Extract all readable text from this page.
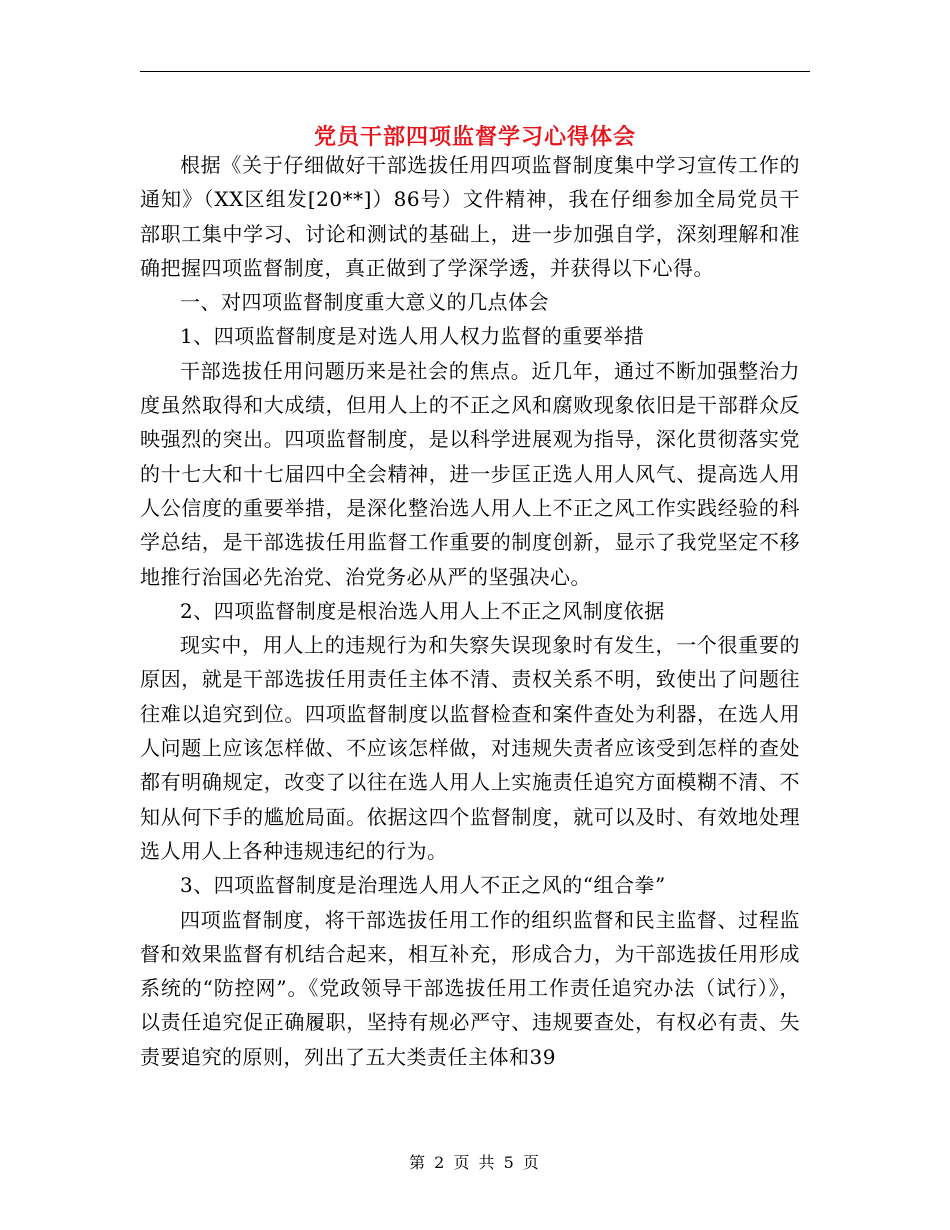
党员干部四项监督学习心得体会

根据《关于仔细做好干部选拔任用四项监督制度集中学习宣传工作的通知》（XX区组发[20**]）86号）文件精神，我在仔细参加全局党员干部职工集中学习、讨论和测试的基础上，进一步加强自学，深刻理解和准确把握四项监督制度，真正做到了学深学透，并获得以下心得。

一、对四项监督制度重大意义的几点体会

1、四项监督制度是对选人用人权力监督的重要举措

干部选拔任用问题历来是社会的焦点。近几年，通过不断加强整治力度虽然取得和大成绩，但用人上的不正之风和腐败现象依旧是干部群众反映强烈的突出。四项监督制度，是以科学进展观为指导，深化贯彻落实党的十七大和十七届四中全会精神，进一步匡正选人用人风气、提高选人用人公信度的重要举措，是深化整治选人用人上不正之风工作实践经验的科学总结，是干部选拔任用监督工作重要的制度创新，显示了我党坚定不移地推行治国必先治党、治党务必从严的坚强决心。

2、四项监督制度是根治选人用人上不正之风制度依据

现实中，用人上的违规行为和失察失误现象时有发生，一个很重要的原因，就是干部选拔任用责任主体不清、责权关系不明，致使出了问题往往难以追究到位。四项监督制度以监督检查和案件查处为利器，在选人用人问题上应该怎样做、不应该怎样做，对违规失责者应该受到怎样的查处都有明确规定，改变了以往在选人用人上实施责任追究方面模糊不清、不知从何下手的尴尬局面。依据这四个监督制度，就可以及时、有效地处理选人用人上各种违规违纪的行为。

3、四项监督制度是治理选人用人不正之风的“组合拳”

四项监督制度，将干部选拔任用工作的组织监督和民主监督、过程监督和效果监督有机结合起来，相互补充，形成合力，为干部选拔任用形成系统的“防控网”。《党政领导干部选拔任用工作责任追究办法（试行）》，以责任追究促正确履职，坚持有规必严守、违规要查处，有权必有责、失责要追究的原则，列出了五大类责任主体和39

第 2 页 共 5 页
